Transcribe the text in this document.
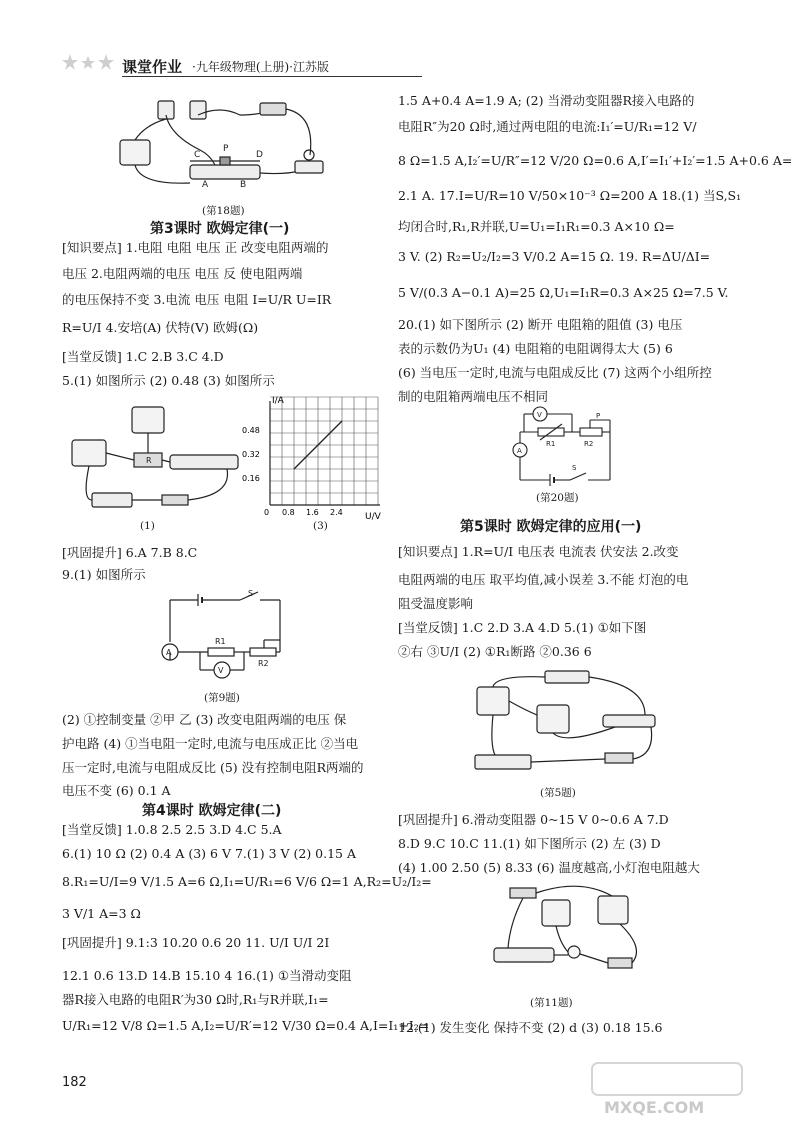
课堂作业 ·九年级物理(上册)·江苏版
C
P
D
A	B
(第18题)
第3课时 欧姆定律(一)
[知识要点] 1.电阻 电阻 电压 正 改变电阻两端的
电压 2.电阻两端的电压 电压 反 使电阻两端
的电压保持不变 3.电流 电压 电阻 I=U/R U=IR
R=U/I 4.安培(A) 伏特(V) 欧姆(Ω)
[当堂反馈] 1.C 2.B 3.C 4.D
5.(1) 如图所示 (2) 0.48 (3) 如图所示
R
(1)
I/A
U/V
0.48
0.32
0.16
0 0.8 1.6 2.4
(3)
[巩固提升] 6.A 7.B 8.C
9.(1) 如图所示
S
A
V
R1
R2
(第9题)
(2) ①控制变量 ②甲 乙 (3) 改变电阻两端的电压 保
护电路 (4) ①当电阻一定时,电流与电压成正比 ②当电
压一定时,电流与电阻成反比 (5) 没有控制电阻R两端的
电压不变 (6) 0.1 A
第4课时 欧姆定律(二)
[当堂反馈] 1.0.8 2.5 2.5 3.D 4.C 5.A
6.(1) 10 Ω (2) 0.4 A (3) 6 V 7.(1) 3 V (2) 0.15 A
8.R₁=U/I=9 V/1.5 A=6 Ω,I₁=U/R₁=6 V/6 Ω=1 A,R₂=U₂/I₂=
3 V/1 A=3 Ω
[巩固提升] 9.1:3 10.20 0.6 20 11. U/I U/I 2I
12.1 0.6 13.D 14.B 15.10 4 16.(1) ①当滑动变阻
器R接入电路的电阻R′为30 Ω时,R₁与R并联,I₁=
U/R₁=12 V/8 Ω=1.5 A,I₂=U/R′=12 V/30 Ω=0.4 A,I=I₁+I₂=
1.5 A+0.4 A=1.9 A; (2) 当滑动变阻器R接入电路的
电阻R″为20 Ω时,通过两电阻的电流:I₁′=U/R₁=12 V/
8 Ω=1.5 A,I₂′=U/R″=12 V/20 Ω=0.6 A,I′=I₁′+I₂′=1.5 A+0.6 A=
2.1 A. 17.I=U/R=10 V/50×10⁻³ Ω=200 A 18.(1) 当S,S₁
均闭合时,R₁,R并联,U=U₁=I₁R₁=0.3 A×10 Ω=
3 V. (2) R₂=U₂/I₂=3 V/0.2 A=15 Ω. 19. R=ΔU/ΔI=
5 V/(0.3 A−0.1 A)=25 Ω,U₁=I₁R=0.3 A×25 Ω=7.5 V.
20.(1) 如下图所示 (2) 断开 电阻箱的阻值 (3) 电压
表的示数仍为U₁ (4) 电阻箱的电阻调得太大 (5) 6
(6) 当电压一定时,电流与电阻成反比 (7) 这两个小组所控
制的电阻箱两端电压不相同
V
A
S
R1	R2
P
(第20题)
第5课时 欧姆定律的应用(一)
[知识要点] 1.R=U/I 电压表 电流表 伏安法 2.改变
电阻两端的电压 取平均值,减小误差 3.不能 灯泡的电
阻受温度影响
[当堂反馈] 1.C 2.D 3.A 4.D 5.(1) ①如下图
②右 ③U/I (2) ①R₁断路 ②0.36 6
(第5题)
[巩固提升] 6.滑动变阻器 0~15 V 0~0.6 A 7.D
8.D 9.C 10.C 11.(1) 如下图所示 (2) 左 (3) D
(4) 1.00 2.50 (5) 8.33 (6) 温度越高,小灯泡电阻越大
(第11题)
12.(1) 发生变化 保持不变 (2) d (3) 0.18 15.6
182
MXQE.COM
